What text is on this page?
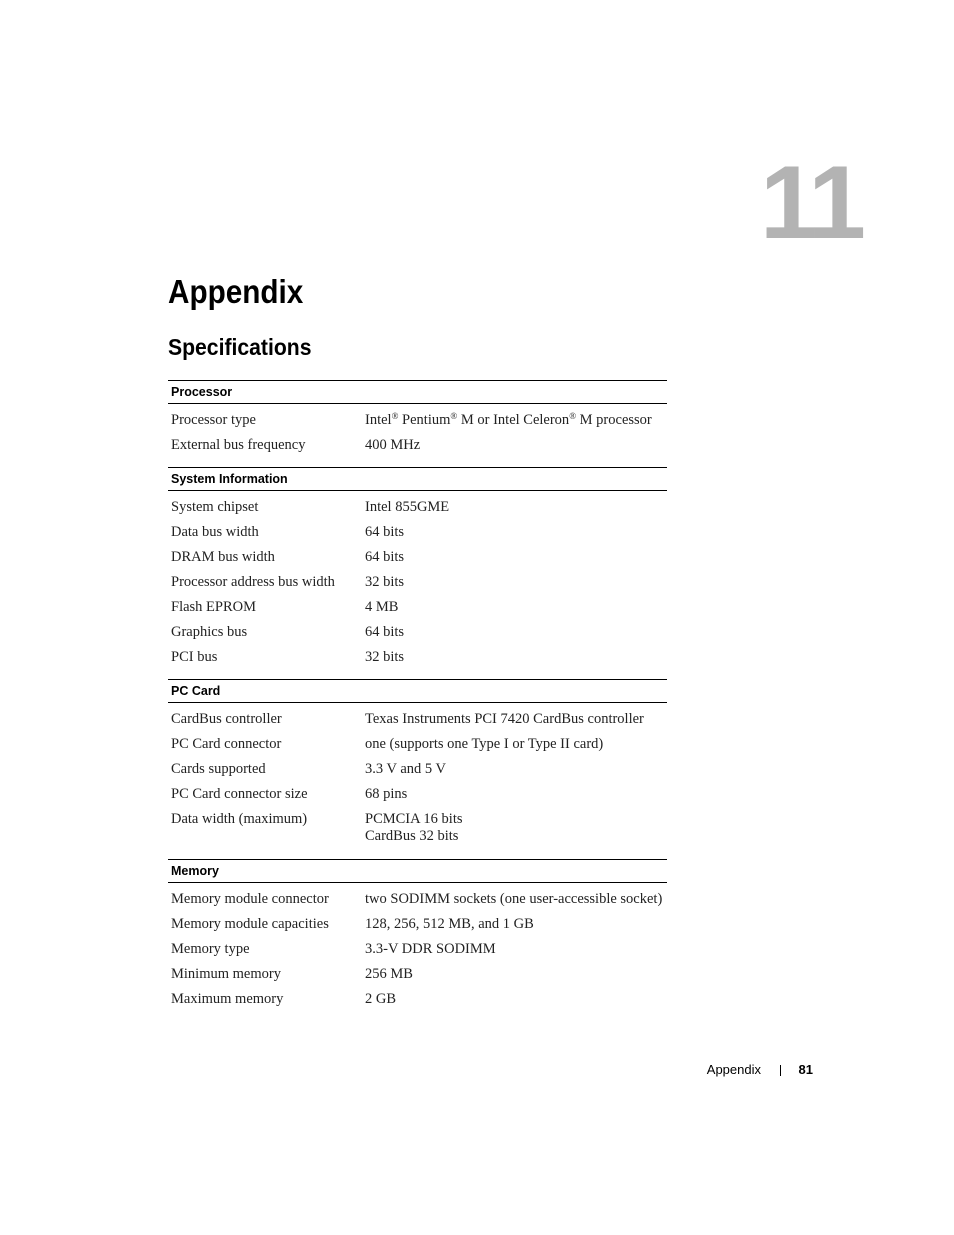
11
Appendix
Specifications
Processor
Processor type	Intel® Pentium® M or Intel Celeron® M processor
External bus frequency	400 MHz
System Information
System chipset	Intel 855GME
Data bus width	64 bits
DRAM bus width	64 bits
Processor address bus width	32 bits
Flash EPROM	4 MB
Graphics bus	64 bits
PCI bus	32 bits
PC Card
CardBus controller	Texas Instruments PCI 7420 CardBus controller
PC Card connector	one (supports one Type I or Type II card)
Cards supported	3.3 V and 5 V
PC Card connector size	68 pins
Data width (maximum)	PCMCIA 16 bits
CardBus 32 bits
Memory
Memory module connector	two SODIMM sockets (one user-accessible socket)
Memory module capacities	128, 256, 512 MB, and 1 GB
Memory type	3.3-V DDR SODIMM
Minimum memory	256 MB
Maximum memory	2 GB
Appendix	81
